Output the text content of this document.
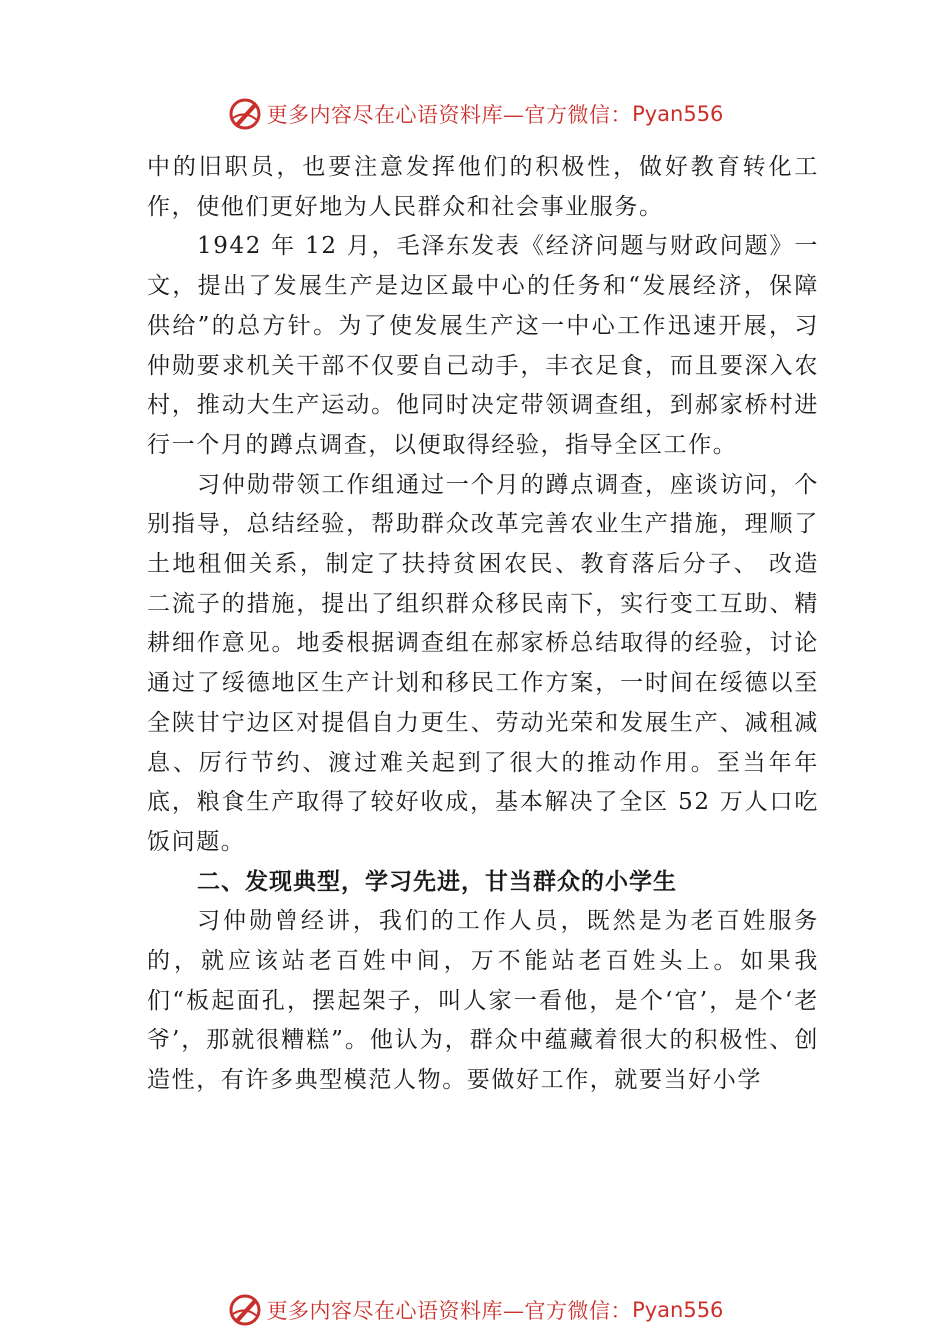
更多内容尽在心语资料库—官方微信： Pyan556

中的旧职员，也要注意发挥他们的积极性，做好教育转化工作，使他们更好地为人民群众和社会事业服务。

1942 年 12 月，毛泽东发表《经济问题与财政问题》一文，提出了发展生产是边区最中心的任务和“发展经济，保障供给”的总方针。为了使发展生产这一中心工作迅速开展，习仲勋要求机关干部不仅要自己动手，丰衣足食，而且要深入农村，推动大生产运动。他同时决定带领调查组，到郝家桥村进行一个月的蹲点调查，以便取得经验，指导全区工作。

习仲勋带领工作组通过一个月的蹲点调查，座谈访问，个别指导，总结经验，帮助群众改革完善农业生产措施，理顺了土地租佃关系，制定了扶持贫困农民、教育落后分子、 改造二流子的措施，提出了组织群众移民南下，实行变工互助、精耕细作意见。地委根据调查组在郝家桥总结取得的经验，讨论通过了绥德地区生产计划和移民工作方案，一时间在绥德以至全陕甘宁边区对提倡自力更生、劳动光荣和发展生产、减租减息、厉行节约、渡过难关起到了很大的推动作用。至当年年底，粮食生产取得了较好收成，基本解决了全区 52 万人口吃饭问题。

二、发现典型，学习先进，甘当群众的小学生

习仲勋曾经讲，我们的工作人员，既然是为老百姓服务的，就应该站老百姓中间，万不能站老百姓头上。如果我们“板起面孔，摆起架子，叫人家一看他，是个‘官’，是个‘老爷’，那就很糟糕”。他认为，群众中蕴藏着很大的积极性、创造性，有许多典型模范人物。要做好工作，就要当好小学

更多内容尽在心语资料库—官方微信： Pyan556
